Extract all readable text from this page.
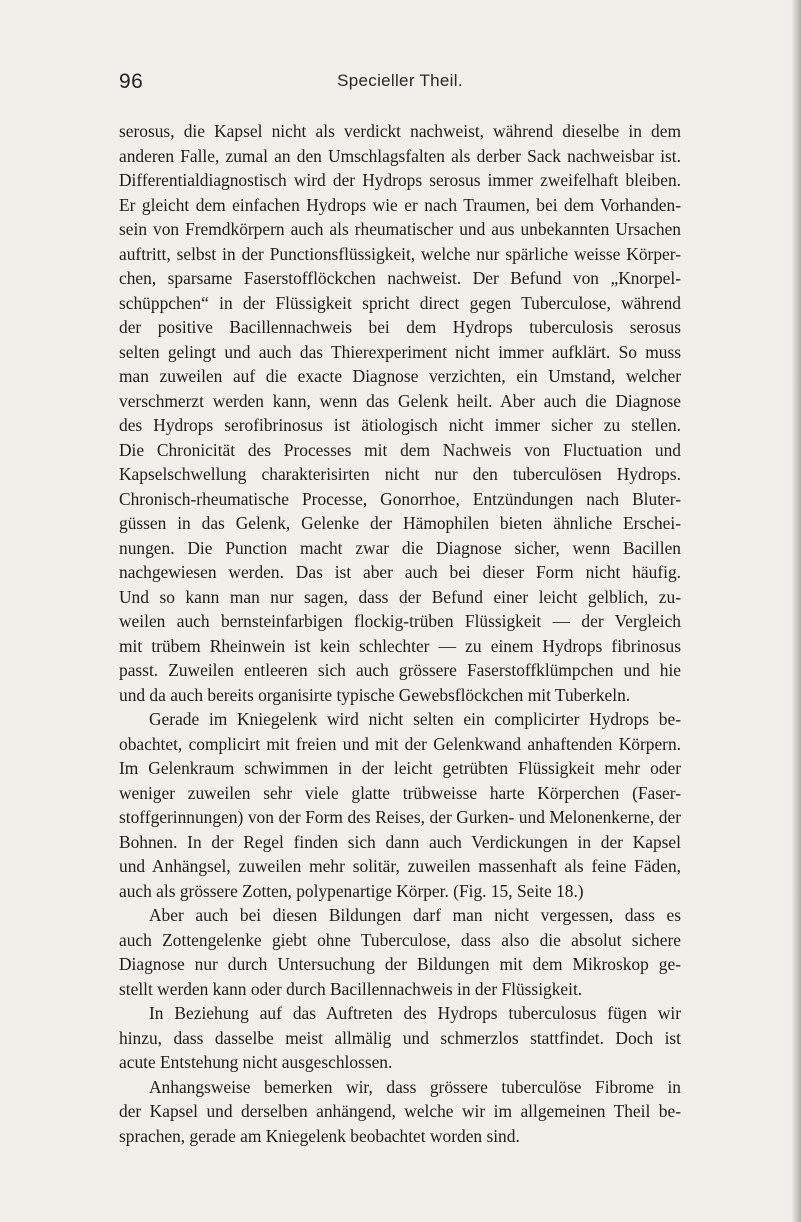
96	Specieller Theil.
serosus, die Kapsel nicht als verdickt nachweist, während dieselbe in dem
anderen Falle, zumal an den Umschlagsfalten als derber Sack nachweisbar ist.
Differentialdiagnostisch wird der Hydrops serosus immer zweifelhaft bleiben.
Er gleicht dem einfachen Hydrops wie er nach Traumen, bei dem Vorhanden-
sein von Fremdkörpern auch als rheumatischer und aus unbekannten Ursachen
auftritt, selbst in der Punctionsflüssigkeit, welche nur spärliche weisse Körper-
chen, sparsame Faserstofflöckchen nachweist. Der Befund von „Knorpel-
schüppchen“ in der Flüssigkeit spricht direct gegen Tuberculose, während
der positive Bacillennachweis bei dem Hydrops tuberculosis serosus
selten gelingt und auch das Thierexperiment nicht immer aufklärt. So muss
man zuweilen auf die exacte Diagnose verzichten, ein Umstand, welcher
verschmerzt werden kann, wenn das Gelenk heilt. Aber auch die Diagnose
des Hydrops serofibrinosus ist ätiologisch nicht immer sicher zu stellen.
Die Chronicität des Processes mit dem Nachweis von Fluctuation und
Kapselschwellung charakterisirten nicht nur den tuberculösen Hydrops.
Chronisch-rheumatische Processe, Gonorrhoe, Entzündungen nach Bluter-
güssen in das Gelenk, Gelenke der Hämophilen bieten ähnliche Erschei-
nungen. Die Punction macht zwar die Diagnose sicher, wenn Bacillen
nachgewiesen werden. Das ist aber auch bei dieser Form nicht häufig.
Und so kann man nur sagen, dass der Befund einer leicht gelblich, zu-
weilen auch bernsteinfarbigen flockig-trüben Flüssigkeit — der Vergleich
mit trübem Rheinwein ist kein schlechter — zu einem Hydrops fibrinosus
passt. Zuweilen entleeren sich auch grössere Faserstoffklümpchen und hie
und da auch bereits organisirte typische Gewebsflöckchen mit Tuberkeln.
Gerade im Kniegelenk wird nicht selten ein complicirter Hydrops be-
obachtet, complicirt mit freien und mit der Gelenkwand anhaftenden Körpern.
Im Gelenkraum schwimmen in der leicht getrübten Flüssigkeit mehr oder
weniger zuweilen sehr viele glatte trübweisse harte Körperchen (Faser-
stoffgerinnungen) von der Form des Reises, der Gurken- und Melonenkerne, der
Bohnen. In der Regel finden sich dann auch Verdickungen in der Kapsel
und Anhängsel, zuweilen mehr solitär, zuweilen massenhaft als feine Fäden,
auch als grössere Zotten, polypenartige Körper. (Fig. 15, Seite 18.)
Aber auch bei diesen Bildungen darf man nicht vergessen, dass es
auch Zottengelenke giebt ohne Tuberculose, dass also die absolut sichere
Diagnose nur durch Untersuchung der Bildungen mit dem Mikroskop ge-
stellt werden kann oder durch Bacillennachweis in der Flüssigkeit.
In Beziehung auf das Auftreten des Hydrops tuberculosus fügen wir
hinzu, dass dasselbe meist allmälig und schmerzlos stattfindet. Doch ist
acute Entstehung nicht ausgeschlossen.
Anhangsweise bemerken wir, dass grössere tuberculöse Fibrome in
der Kapsel und derselben anhängend, welche wir im allgemeinen Theil be-
sprachen, gerade am Kniegelenk beobachtet worden sind.
